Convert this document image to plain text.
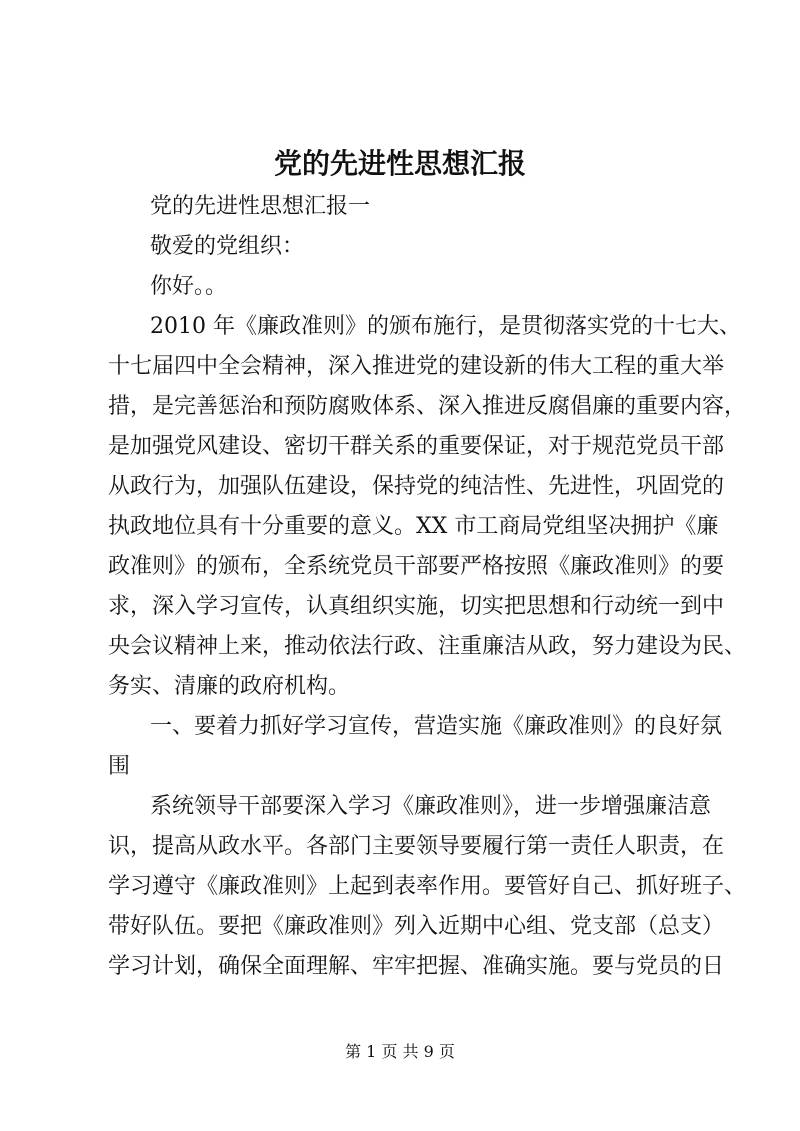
党的先进性思想汇报
党的先进性思想汇报一
敬爱的党组织：
你好。。
2010 年《廉政准则》的颁布施行，是贯彻落实党的十七大、
十七届四中全会精神，深入推进党的建设新的伟大工程的重大举
措，是完善惩治和预防腐败体系、深入推进反腐倡廉的重要内容，
是加强党风建设、密切干群关系的重要保证，对于规范党员干部
从政行为，加强队伍建设，保持党的纯洁性、先进性，巩固党的
执政地位具有十分重要的意义。XX 市工商局党组坚决拥护《廉
政准则》的颁布，全系统党员干部要严格按照《廉政准则》的要
求，深入学习宣传，认真组织实施，切实把思想和行动统一到中
央会议精神上来，推动依法行政、注重廉洁从政，努力建设为民、
务实、清廉的政府机构。
一、要着力抓好学习宣传，营造实施《廉政准则》的良好氛
围
系统领导干部要深入学习《廉政准则》，进一步增强廉洁意
识，提高从政水平。各部门主要领导要履行第一责任人职责，在
学习遵守《廉政准则》上起到表率作用。要管好自己、抓好班子、
带好队伍。要把《廉政准则》列入近期中心组、党支部（总支）
学习计划，确保全面理解、牢牢把握、准确实施。要与党员的日
第 1 页 共 9 页
